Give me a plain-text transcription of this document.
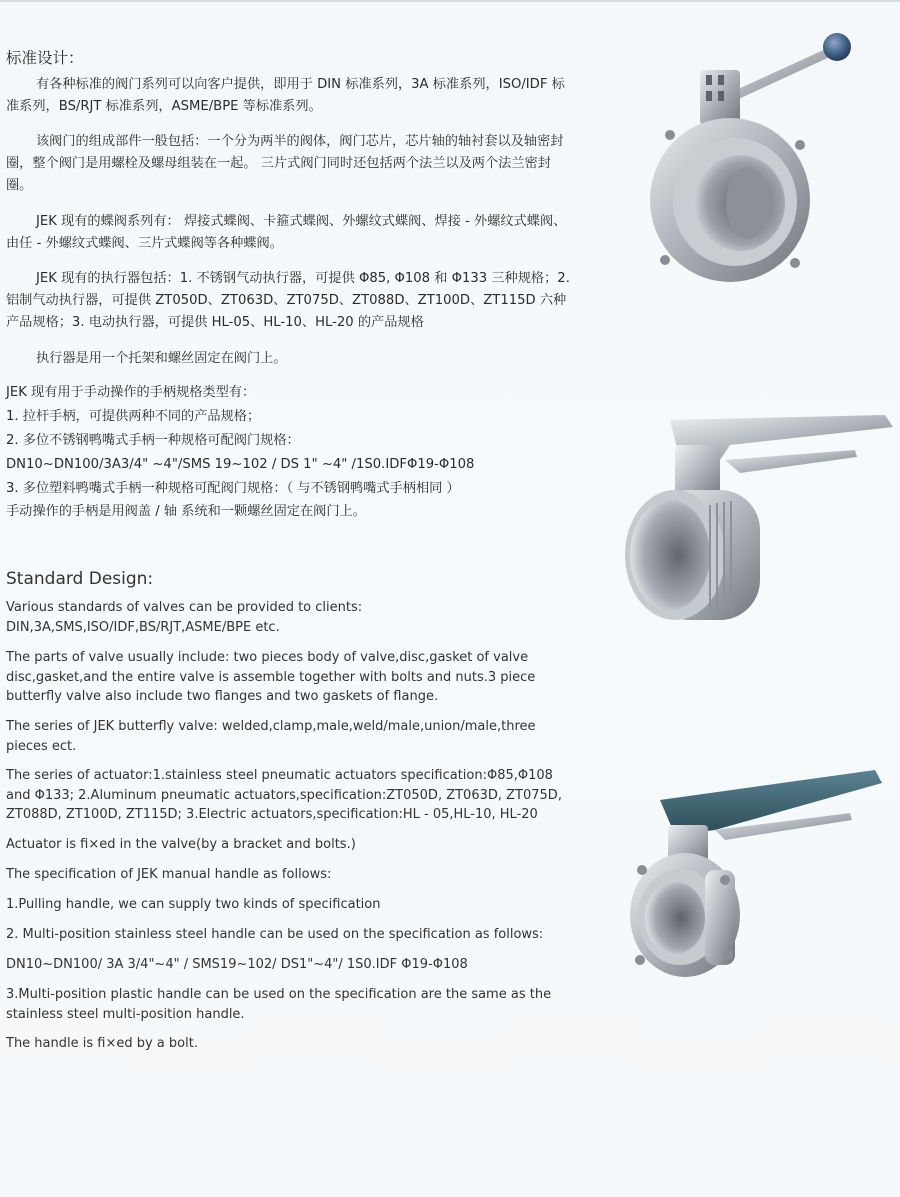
标准设计：

有各种标准的阀门系列可以向客户提供，即用于 DIN 标准系列，3A 标准系列，ISO/IDF 标准系列，BS/RJT 标准系列，ASME/BPE 等标准系列。

该阀门的组成部件一般包括：一个分为两半的阀体，阀门芯片，芯片轴的轴衬套以及轴密封圈，整个阀门是用螺栓及螺母组装在一起。 三片式阀门同时还包括两个法兰以及两个法兰密封圈。

JEK 现有的蝶阀系列有： 焊接式蝶阀、卡箍式蝶阀、外螺纹式蝶阀、焊接 - 外螺纹式蝶阀、由任 - 外螺纹式蝶阀、三片式蝶阀等各种蝶阀。

JEK 现有的执行器包括：1. 不锈钢气动执行器，可提供 Φ85, Φ108 和 Φ133 三种规格；2. 铝制气动执行器，可提供 ZT050D、ZT063D、ZT075D、ZT088D、ZT100D、ZT115D 六种产品规格；3. 电动执行器，可提供 HL-05、HL-10、HL-20 的产品规格

执行器是用一个托架和螺丝固定在阀门上。

JEK 现有用于手动操作的手柄规格类型有：

1. 拉杆手柄，可提供两种不同的产品规格；

2. 多位不锈钢鸭嘴式手柄一种规格可配阀门规格：

DN10~DN100/3A3/4" ~4"/SMS 19~102 / DS 1" ~4" /1S0.IDFΦ19-Φ108

3. 多位塑料鸭嘴式手柄一种规格可配阀门规格：（ 与不锈钢鸭嘴式手柄相同 ）

手动操作的手柄是用阀盖 / 轴 系统和一颗螺丝固定在阀门上。

Standard Design:

Various standards of valves can be provided to clients: DIN,3A,SMS,ISO/IDF,BS/RJT,ASME/BPE etc.

The parts of valve usually include: two pieces body of valve,disc,gasket of valve disc,gasket,and the entire valve is assemble together with bolts and nuts.3 piece butterfly valve also include two flanges and two gaskets of flange.

The series of JEK butterfly valve: welded,clamp,male,weld/male,union/male,three pieces ect.

The series of actuator:1.stainless steel pneumatic actuators specification:Φ85,Φ108 and Φ133; 2.Aluminum pneumatic actuators,specification:ZT050D, ZT063D, ZT075D, ZT088D, ZT100D, ZT115D; 3.Electric actuators,specification:HL - 05,HL-10, HL-20

Actuator is fi×ed in the valve(by a bracket and bolts.)

The specification of JEK manual handle as follows:

1.Pulling handle, we can supply two kinds of specification

2. Multi-position stainless steel handle can be used on the specification as follows:

DN10~DN100/ 3A 3/4"~4" / SMS19~102/ DS1"~4"/ 1S0.IDF Φ19-Φ108

3.Multi-position plastic handle can be used on the specification are the same as the stainless steel multi-position handle.

The handle is fi×ed by a bolt.
